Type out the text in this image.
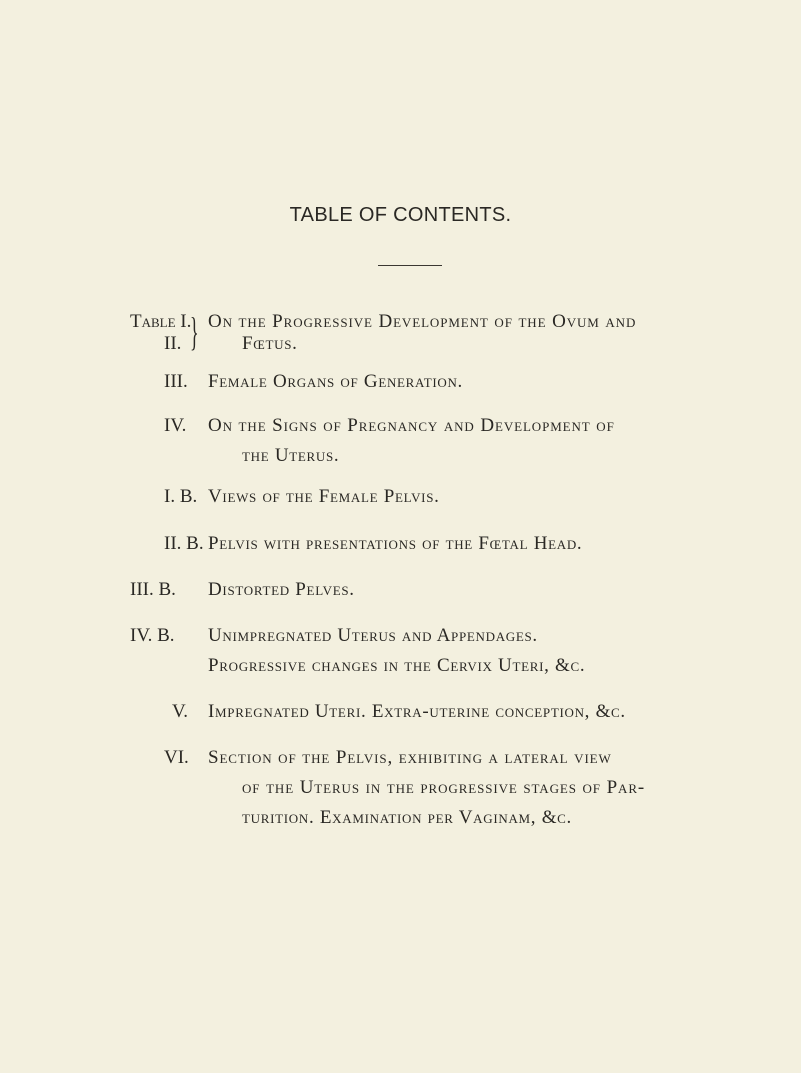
TABLE OF CONTENTS.
Table I.
II. } On the Progressive Development of the Ovum and
Fœtus.
III. Female Organs of Generation.
IV. On the Signs of Pregnancy and Development of
the Uterus.
I. B. Views of the Female Pelvis.
II. B. Pelvis with presentations of the Fœtal Head.
III. B. Distorted Pelves.
IV. B. Unimpregnated Uterus and Appendages.
Progressive changes in the Cervix Uteri, &c.
V. Impregnated Uteri. Extra-uterine conception, &c.
VI. Section of the Pelvis, exhibiting a lateral view
of the Uterus in the progressive stages of Par-
turition. Examination per Vaginam, &c.
